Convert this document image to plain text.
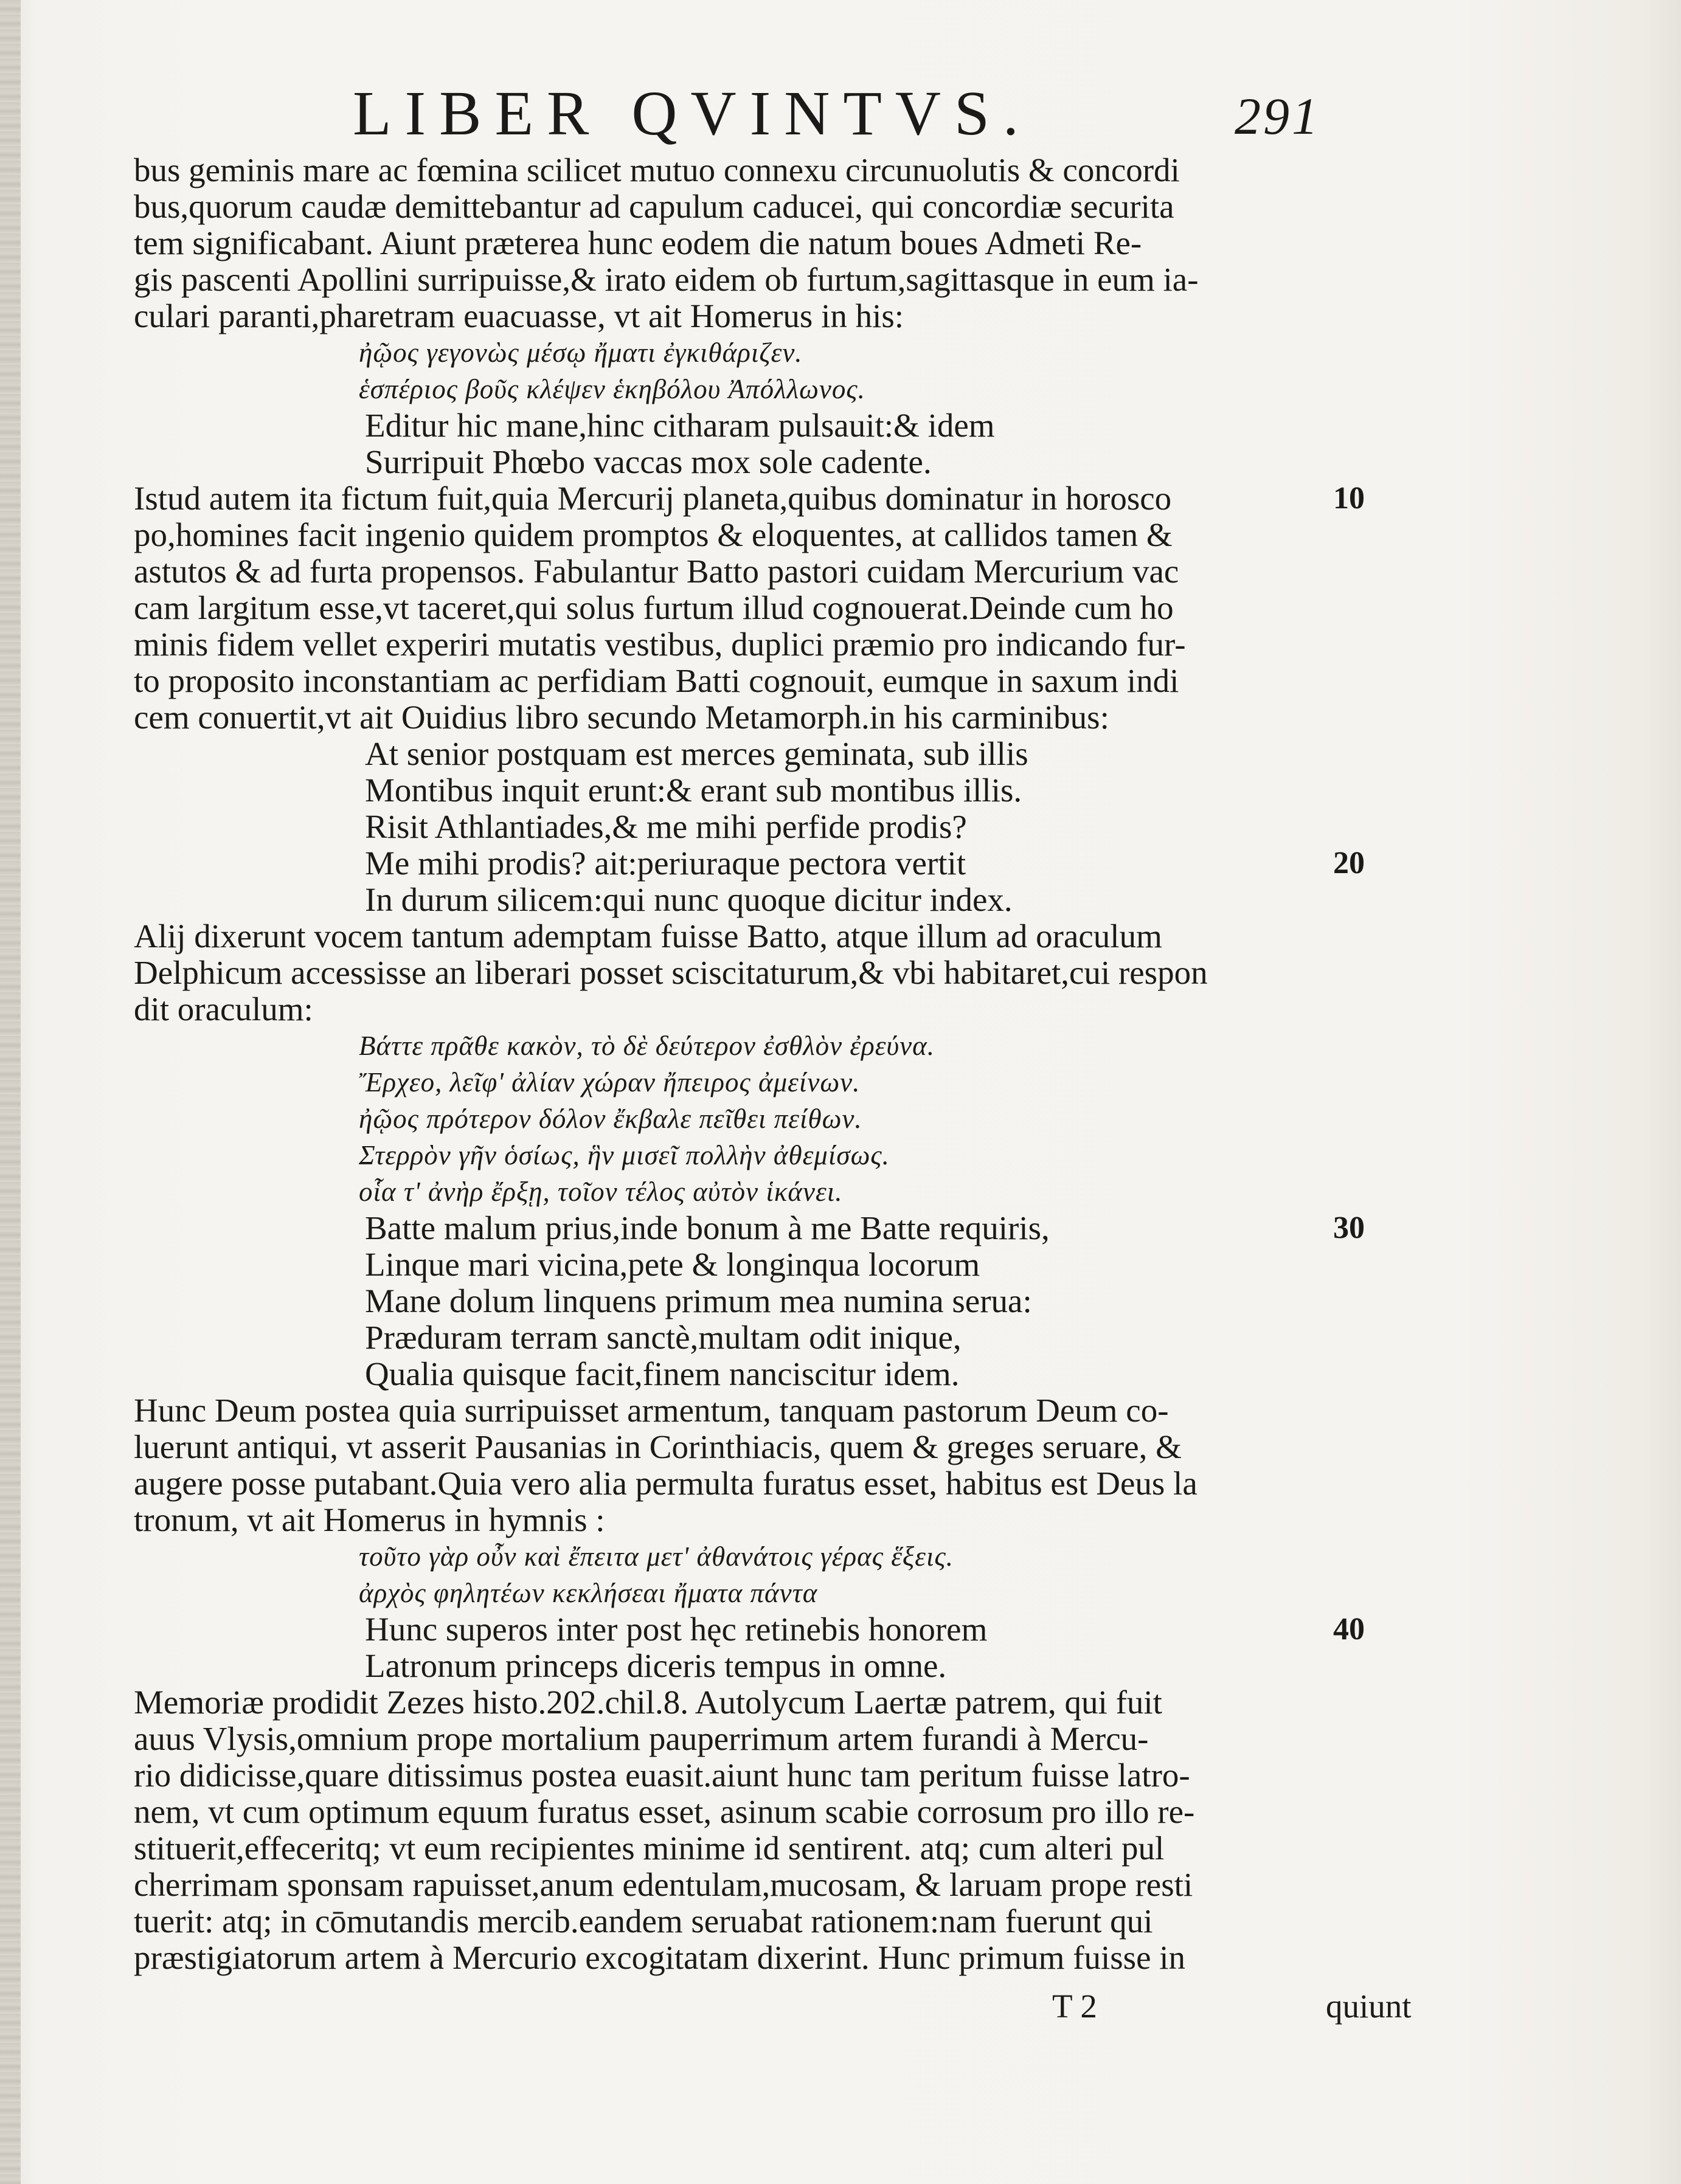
LIBER QVINTVS.	291
bus geminis mare ac fœmina scilicet mutuo connexu circunuolutis & concordi
bus,quorum caudæ demittebantur ad capulum caducei, qui concordiæ securita
tem significabant. Aiunt præterea hunc eodem die natum boues Admeti Re-
gis pascenti Apollini surripuisse,& irato eidem ob furtum,sagittasque in eum ia-
culari paranti,pharetram euacuasse, vt ait Homerus in his:
ἠῷος γεγονὼς μέσῳ ἤματι ἐγκιθάριζεν.
ἑσπέριος βοῦς κλέψεν ἑκηβόλου Ἀπόλλωνος.
Editur hic mane,hinc citharam pulsauit:& idem
Surripuit Phœbo vaccas mox sole cadente.
Istud autem ita fictum fuit,quia Mercurij planeta,quibus dominatur in horosco	10
po,homines facit ingenio quidem promptos & eloquentes, at callidos tamen &
astutos & ad furta propensos. Fabulantur Batto pastori cuidam Mercurium vac
cam largitum esse,vt taceret,qui solus furtum illud cognouerat.Deinde cum ho
minis fidem vellet experiri mutatis vestibus, duplici præmio pro indicando fur-
to proposito inconstantiam ac perfidiam Batti cognouit, eumque in saxum indi
cem conuertit,vt ait Ouidius libro secundo Metamorph.in his carminibus:
At senior postquam est merces geminata, sub illis
Montibus inquit erunt:& erant sub montibus illis.
Risit Athlantiades,& me mihi perfide prodis?
Me mihi prodis? ait:periuraque pectora vertit	20
In durum silicem:qui nunc quoque dicitur index.
Alij dixerunt vocem tantum ademptam fuisse Batto, atque illum ad oraculum
Delphicum accessisse an liberari posset sciscitaturum,& vbi habitaret,cui respon
dit oraculum:
Βάττε πρᾶθε κακὸν, τὸ δὲ δεύτερον ἐσθλὸν ἐρεύνα.
Ἔρχεο, λεῖφ' ἀλίαν χώραν ἤπειρος ἀμείνων.
ἠῷος πρότερον δόλον ἔκβαλε πεῖθει πείθων.
Στερρὸν γῆν ὁσίως, ἣν μισεῖ πολλὴν ἀθεμίσως.
οἷα τ' ἀνὴρ ἔρξῃ, τοῖον τέλος αὐτὸν ἱκάνει.
Batte malum prius,inde bonum à me Batte requiris,	30
Linque mari vicina,pete & longinqua locorum
Mane dolum linquens primum mea numina serua:
Præduram terram sanctè,multam odit inique,
Qualia quisque facit,finem nanciscitur idem.
Hunc Deum postea quia surripuisset armentum, tanquam pastorum Deum co-
luerunt antiqui, vt asserit Pausanias in Corinthiacis, quem & greges seruare, &
augere posse putabant.Quia vero alia permulta furatus esset, habitus est Deus la
tronum, vt ait Homerus in hymnis :
τοῦτο γὰρ οὖν καὶ ἔπειτα μετ' ἀθανάτοις γέρας ἕξεις.
ἀρχὸς φηλητέων κεκλήσεαι ἤματα πάντα
Hunc superos inter post hęc retinebis honorem	40
Latronum princeps diceris tempus in omne.
Memoriæ prodidit Zezes histo.202.chil.8. Autolycum Laertæ patrem, qui fuit
auus Vlysis,omnium prope mortalium pauperrimum artem furandi à Mercu-
rio didicisse,quare ditissimus postea euasit.aiunt hunc tam peritum fuisse latro-
nem, vt cum optimum equum furatus esset, asinum scabie corrosum pro illo re-
stituerit,effeceritq; vt eum recipientes minime id sentirent. atq; cum alteri pul
cherrimam sponsam rapuisset,anum edentulam,mucosam, & laruam prope resti
tuerit: atq; in cōmutandis mercib.eandem seruabat rationem:nam fuerunt qui
præstigiatorum artem à Mercurio excogitatam dixerint. Hunc primum fuisse in
T 2	quiunt
